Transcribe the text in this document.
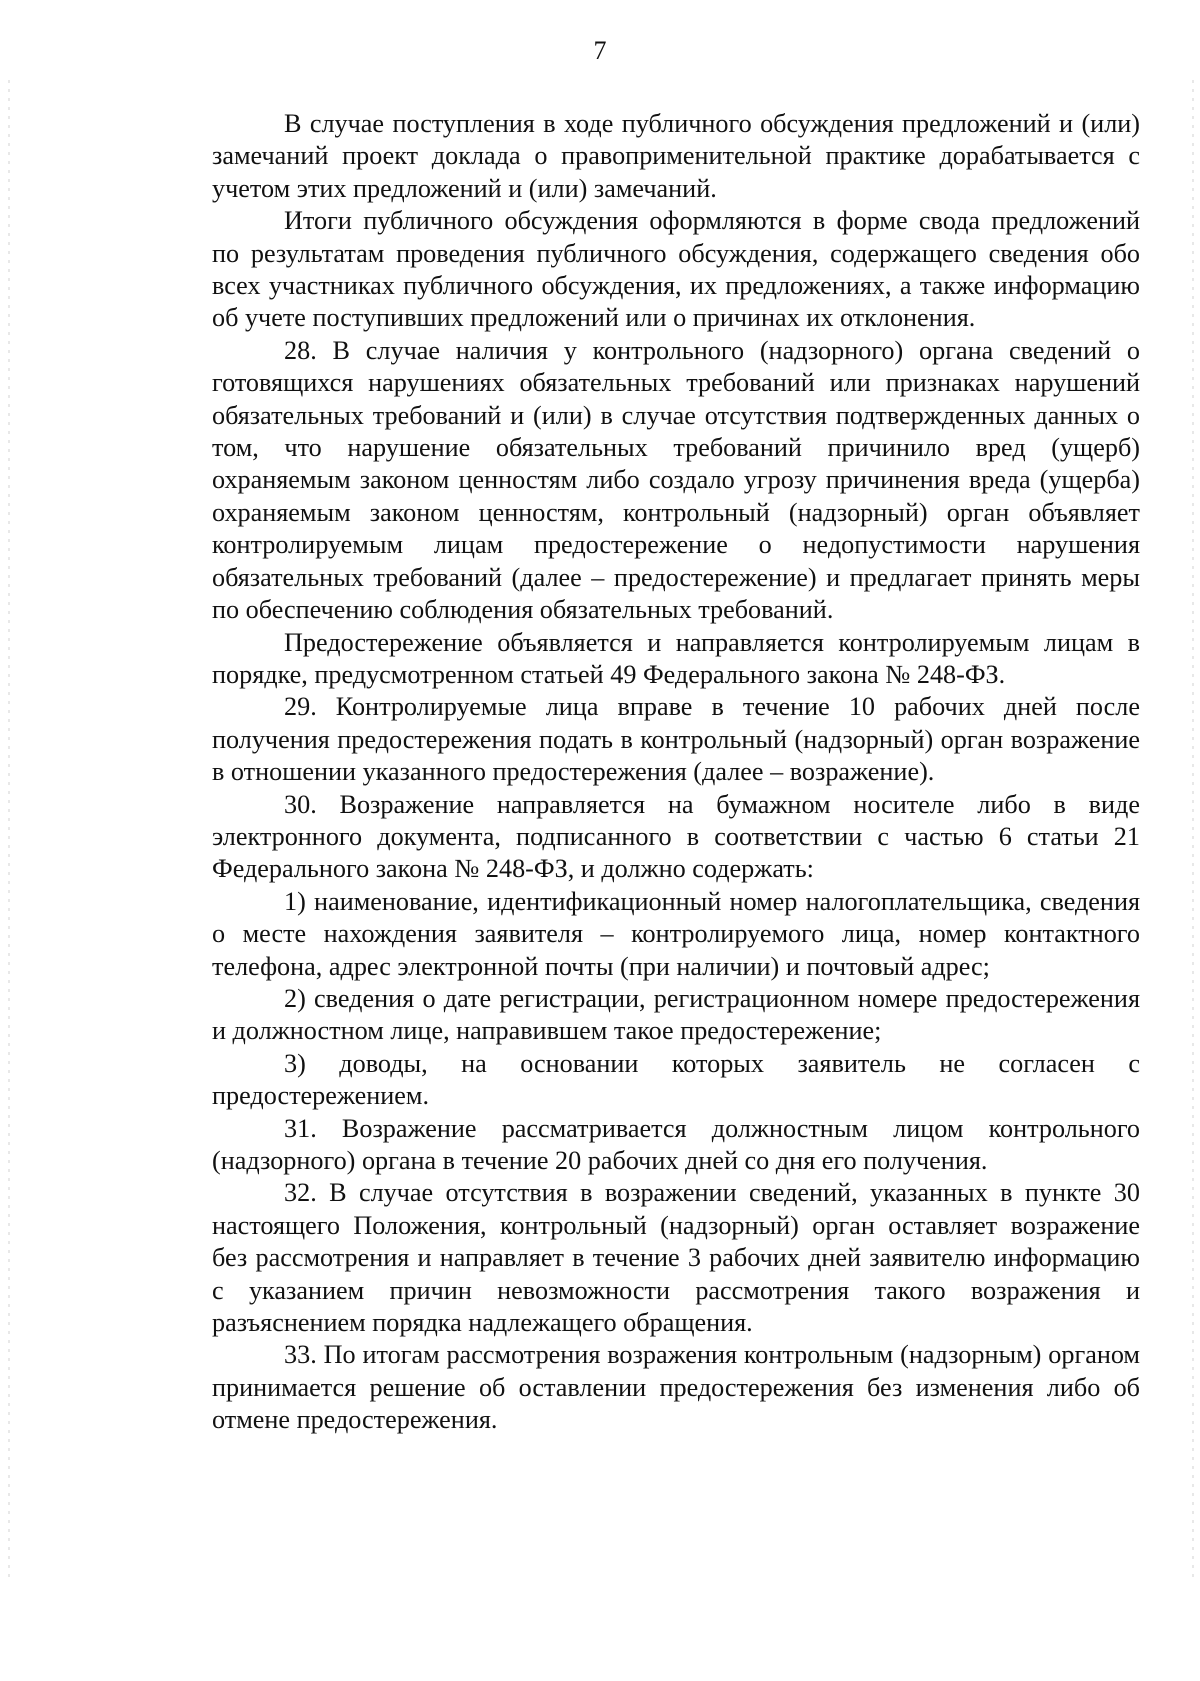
7

В случае поступления в ходе публичного обсуждения предложений и (или) замечаний проект доклада о правоприменительной практике дорабатывается с учетом этих предложений и (или) замечаний.

Итоги публичного обсуждения оформляются в форме свода предложений по результатам проведения публичного обсуждения, содержащего сведения обо всех участниках публичного обсуждения, их предложениях, а также информацию об учете поступивших предложений или о причинах их отклонения.

28. В случае наличия у контрольного (надзорного) органа сведений о готовящихся нарушениях обязательных требований или признаках нарушений обязательных требований и (или) в случае отсутствия подтвержденных данных о том, что нарушение обязательных требований причинило вред (ущерб) охраняемым законом ценностям либо создало угрозу причинения вреда (ущерба) охраняемым законом ценностям, контрольный (надзорный) орган объявляет контролируемым лицам предостережение о недопустимости нарушения обязательных требований (далее – предостережение) и предлагает принять меры по обеспечению соблюдения обязательных требований.

Предостережение объявляется и направляется контролируемым лицам в порядке, предусмотренном статьей 49 Федерального закона № 248-ФЗ.

29. Контролируемые лица вправе в течение 10 рабочих дней после получения предостережения подать в контрольный (надзорный) орган возражение в отношении указанного предостережения (далее – возражение).

30. Возражение направляется на бумажном носителе либо в виде электронного документа, подписанного в соответствии с частью 6 статьи 21 Федерального закона № 248-ФЗ, и должно содержать:

1) наименование, идентификационный номер налогоплательщика, сведения о месте нахождения заявителя – контролируемого лица, номер контактного телефона, адрес электронной почты (при наличии) и почтовый адрес;

2) сведения о дате регистрации, регистрационном номере предостережения и должностном лице, направившем такое предостережение;

3) доводы, на основании которых заявитель не согласен с предостережением.

31. Возражение рассматривается должностным лицом контрольного (надзорного) органа в течение 20 рабочих дней со дня его получения.

32. В случае отсутствия в возражении сведений, указанных в пункте 30 настоящего Положения, контрольный (надзорный) орган оставляет возражение без рассмотрения и направляет в течение 3 рабочих дней заявителю информацию с указанием причин невозможности рассмотрения такого возражения и разъяснением порядка надлежащего обращения.

33. По итогам рассмотрения возражения контрольным (надзорным) органом принимается решение об оставлении предостережения без изменения либо об отмене предостережения.
